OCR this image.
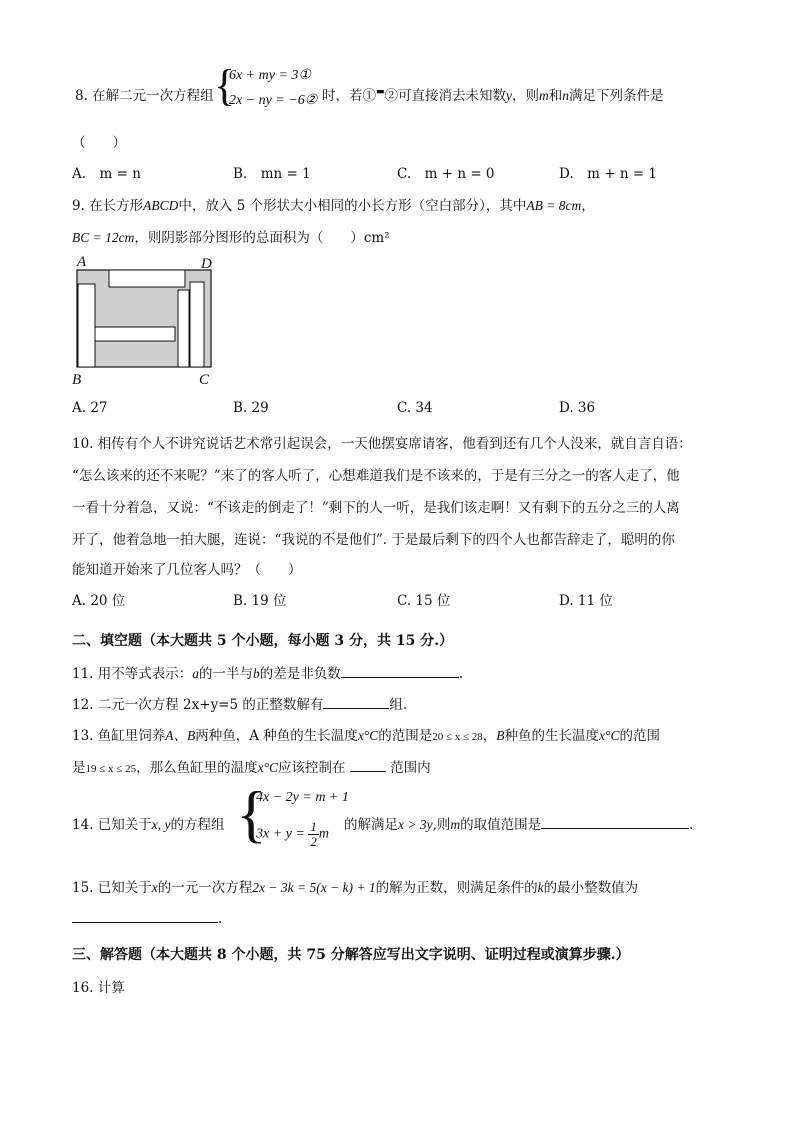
8. 在解二元一次方程组 {
6x + my = 3①
2x − ny = −6② 时，若①▬②可直接消去未知数y，则m和n满足下列条件是
（　　）
A.　m = n	B.　mn = 1	C.　m + n = 0	D.　m + n = 1
9. 在长方形ABCD中，放入 5 个形状大小相同的小长方形（空白部分），其中AB = 8cm，
BC = 12cm，则阴影部分图形的总面积为（　　）cm²
A	D
B	C
A. 27	B. 29	C. 34	D. 36
10. 相传有个人不讲究说话艺术常引起误会，一天他摆宴席请客，他看到还有几个人没来，就自言自语：
“怎么该来的还不来呢？”来了的客人听了，心想难道我们是不该来的，于是有三分之一的客人走了，他
一看十分着急，又说：“不该走的倒走了！”剩下的人一听，是我们该走啊！又有剩下的五分之三的人离
开了，他着急地一拍大腿，连说：“我说的不是他们”. 于是最后剩下的四个人也都告辞走了，聪明的你
能知道开始来了几位客人吗？（　　）
A. 20 位	B. 19 位	C. 15 位	D. 11 位
二、填空题（本大题共 5 个小题，每小题 3 分，共 15 分.）
11. 用不等式表示：a的一半与b的差是非负数	.
12. 二元一次方程 2x+y=5 的正整数解有	组.
13. 鱼缸里饲养A、B两种鱼，A 种鱼的生长温度x°C的范围是20 ≤ x ≤ 28，B种鱼的生长温度x°C的范围
是19 ≤ x ≤ 25，那么鱼缸里的温度x°C应该控制在	范围内
14. 已知关于x, y的方程组 {
4x − 2y = m + 1
$3x + y = \frac{1}{2}$ m
的解满足x > 3y,则m的取值范围是	.
15. 已知关于x的一元一次方程2x − 3k = 5(x − k) + 1的解为正数，则满足条件的k的最小整数值为
.
三、解答题（本大题共 8 个小题，共 75 分解答应写出文字说明、证明过程或演算步骤.）
16. 计算
